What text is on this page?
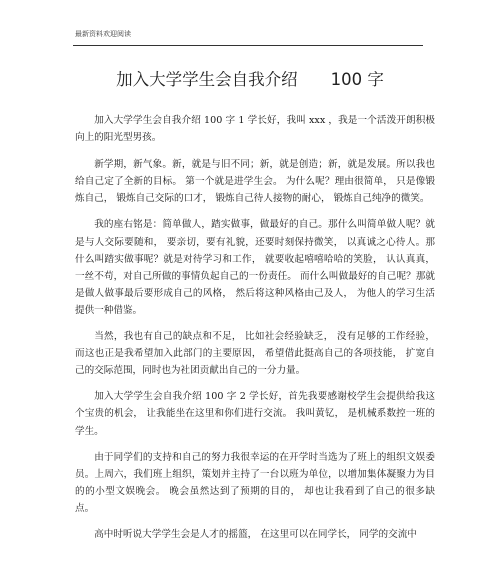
最新资料欢迎阅读
加入大学学生会自我介绍　　100 字

加入大学学生会自我介绍 100 字 1 学长好，我叫 xxx ，我是一个活泼开朗积极向上的阳光型男孩。

新学期，新气象。新，就是与旧不同；新，就是创造；新，就是发展。所以我也给自己定了全新的目标。 第一个就是进学生会。 为什么呢？理由很简单， 只是像锻炼自己， 锻炼自己交际的口才， 锻炼自己待人接物的耐心， 锻炼自己纯净的微笑。

我的座右铭是：简单做人，踏实做事，做最好的自己。那什么叫简单做人呢？就是与人交际要随和， 要亲切，要有礼貌，还要时刻保持微笑， 以真诚之心待人。那什么叫踏实做事呢？就是对待学习和工作， 就要收起嘻嘻哈哈的笑脸， 认认真真，一丝不苟，对自己所做的事情负起自己的一份责任。 而什么叫做最好的自己呢？那就是做人做事最后要形成自己的风格， 然后将这种风格由己及人， 为他人的学习生活提供一种借鉴。

当然，我也有自己的缺点和不足， 比如社会经验缺乏， 没有足够的工作经验，而这也正是我希望加入此部门的主要原因， 希望借此挺高自己的各项技能， 扩宽自己的交际范围，同时也为社团贡献出自己的一分力量。

加入大学学生会自我介绍 100 字 2 学长好，首先我要感谢校学生会提供给我这个宝贵的机会， 让我能坐在这里和你们进行交流。 我叫黄钇， 是机械系数控一班的学生。

由于同学们的支持和自己的努力我很幸运的在开学时当选为了班上的组织文娱委员。上周六，我们班上组织，策划并主持了一台以班为单位，以增加集体凝聚力为目的的小型文娱晚会。 晚会虽然达到了预期的目的， 却也让我看到了自己的很多缺点。

高中时听说大学学生会是人才的摇篮， 在这里可以在同学长， 同学的交流中
